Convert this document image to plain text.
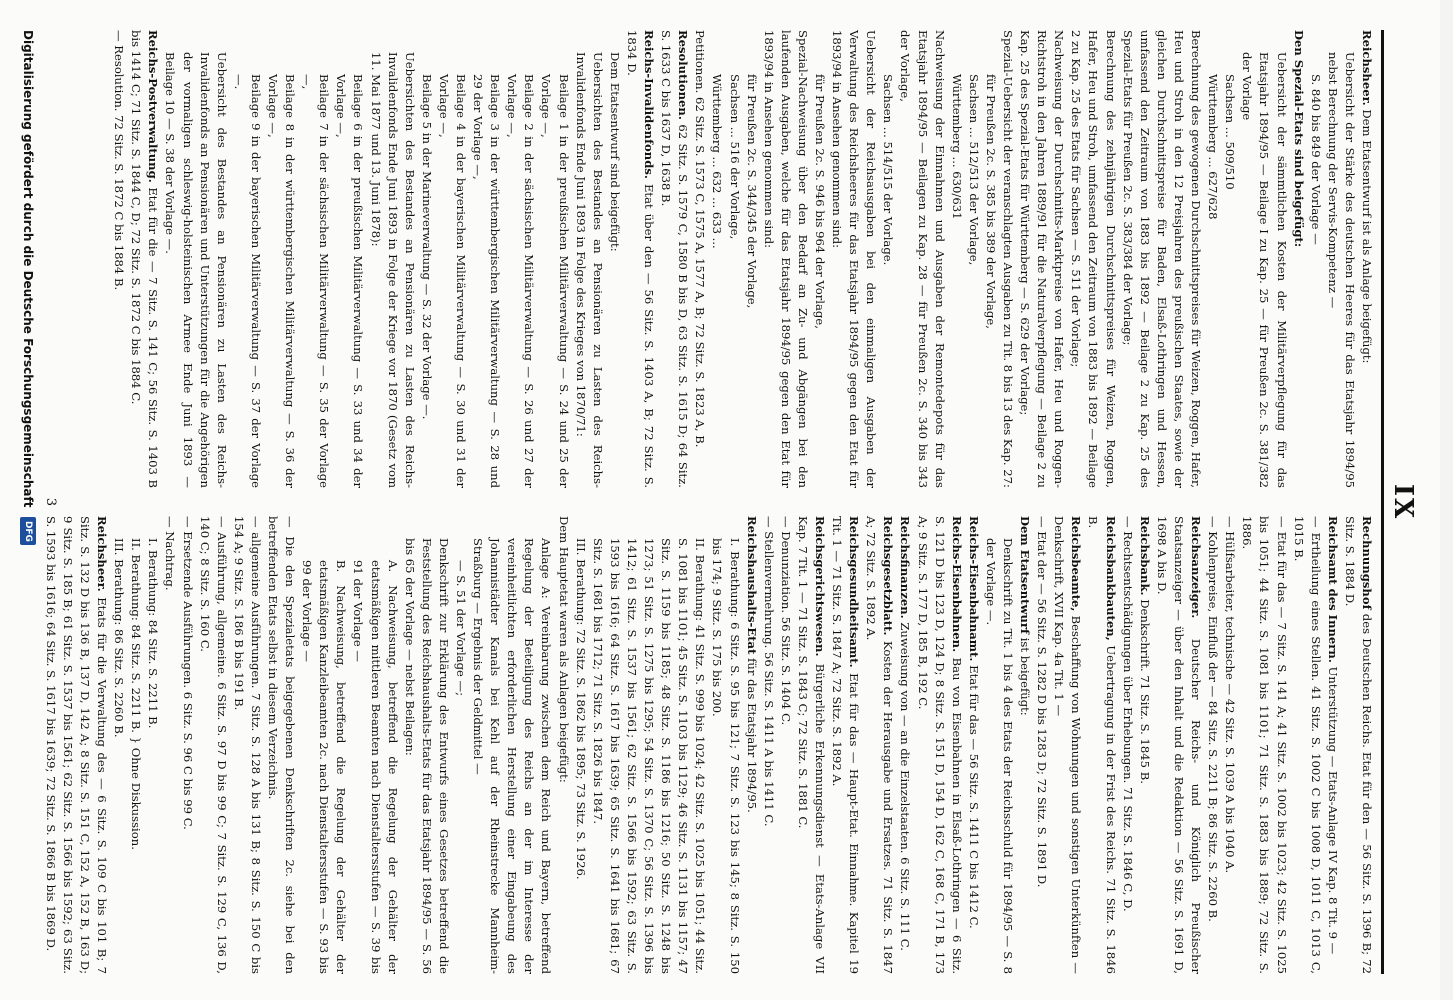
IX

Reichsheer. Dem Etatsentwurf ist als Anlage beigefügt:

Uebersicht der Stärke des deutschen Heeres für das Etatsjahr 1894/95 nebst Berechnung der Servis-Kompetenz —

S. 840 bis 849 der Vorlage —

Den Spezial-Etats sind beigefügt:

Uebersicht der sämmtlichen Kosten der Militärverpflegung für das Etatsjahr 1894/95 — Beilage I zu Kap. 25 — für Preußen 2c. S. 381/382 der Vorlage

Sachsen ... 509/510

Württemberg ... 627/628

Berechnung des gewogenen Durchschnittspreises für Weizen, Roggen, Hafer, Heu und Stroh in den 12 Preisjahren des preußischen Staates, sowie der gleichen Durchschnittspreise für Baden, Elsaß-Lothringen und Hessen, umfassend den Zeitraum von 1883 bis 1892 — Beilage 2 zu Kap. 25 des Spezial-Etats für Preußen 2c. S. 383/384 der Vorlage;

Berechnung des zehnjährigen Durchschnittspreises für Weizen, Roggen, Hafer, Heu und Stroh, umfassend den Zeitraum von 1883 bis 1892 — Beilage 2 zu Kap. 25 des Etats für Sachsen — S. 511 der Vorlage;

Nachweisung der Durchschnitts-Marktpreise von Hafer, Heu und Roggen-Richtstroh in den Jahren 1889/91 für die Naturalverpflegung — Beilage 2 zu Kap. 25 des Spezial-Etats für Württemberg — S. 629 der Vorlage;

Spezial-Uebersicht der veranschlagten Ausgaben zu Tit. 8 bis 13 des Kap. 27:

für Preußen 2c. S. 385 bis 389 der Vorlage,

Sachsen ... 512/513 der Vorlage,

Württemberg ... 630/631

Nachweisung der Einnahmen und Ausgaben der Remontedepots für das Etatsjahr 1894/95 — Beilagen zu Kap. 28 — für Preußen 2c. S. 340 bis 343 der Vorlage,

Sachsen ... 514/515 der Vorlage.

Uebersicht der Reichsausgaben bei den einmaligen Ausgaben der Verwaltung des Reichsheeres für das Etatsjahr 1894/95 gegen den Etat für 1893/94 in Ansehen genommen sind:

für Preußen 2c. S. 946 bis 964 der Vorlage,

Spezial-Nachweisung über den Bedarf an Zu- und Abgängen bei den laufenden Ausgaben, welche für das Etatsjahr 1894/95 gegen den Etat für 1893/94 in Ansehen genommen sind:

für Preußen 2c. S. 344/345 der Vorlage,

Sachsen ... 516 der Vorlage,

Württemberg ... 632 ... 633 ...

Petitionen. 62 Sitz. S. 1573 C, 1575 A, 1577 A, B; 72 Sitz. S. 1823 A, B.

Resolutionen. 62 Sitz. S. 1579 C, 1580 B bis D, 63 Sitz. S. 1615 D; 64 Sitz. S. 1633 C bis 1637 D, 1638 B.

Reichs-Invalidenfonds. Etat über den — 56 Sitz. S. 1403 A, B; 72 Sitz. S. 1834 D.

Dem Etatsentwurf sind beigefügt:

Uebersichten des Bestandes an Pensionären zu Lasten des Reichs-Invalidenfonds Ende Juni 1893 in Folge des Krieges von 1870/71:

Beilage 1 in der preußischen Militärverwaltung — S. 24 und 25 der Vorlage —,

Beilage 2 in der sächsischen Militärverwaltung — S. 26 und 27 der Vorlage —,

Beilage 3 in der württembergischen Militärverwaltung — S. 28 und 29 der Vorlage —,

Beilage 4 in der bayerischen Militärverwaltung — S. 30 und 31 der Vorlage —,

Beilage 5 in der Marineverwaltung — S. 32 der Vorlage —.

Uebersichten des Bestandes an Pensionären zu Lasten des Reichs-Invalidenfonds Ende Juni 1893 in Folge der Kriege vor 1870 (Gesetz vom 11. Mai 1877 und 13. Juni 1878):

Beilage 6 in der preußischen Militärverwaltung — S. 33 und 34 der Vorlage —,

Beilage 7 in der sächsischen Militärverwaltung — S. 35 der Vorlage —,

Beilage 8 in der württembergischen Militärverwaltung — S. 36 der Vorlage —,

Beilage 9 in der bayerischen Militärverwaltung — S. 37 der Vorlage —.

Uebersicht des Bestandes an Pensionären zu Lasten des Reichs-Invalidenfonds an Pensionären und Unterstützungen für die Angehörigen der vormaligen schleswig-holsteinischen Armee Ende Juni 1893 — Beilage 10 — S. 38 der Vorlage —.

Reichs-Postverwaltung. Etat für die — 7 Sitz. S. 141 C; 56 Sitz. S. 1403 B bis 1414 C; 71 Sitz. S. 1844 C, D; 72 Sitz. S. 1872 C bis 1884 C.

— Resolution. 72 Sitz. S. 1872 C bis 1884 B.

Rechnungshof des Deutschen Reichs. Etat für den — 56 Sitz. S. 1396 B; 72 Sitz. S. 1884 D.

Reichsamt des Innern. Unterstützung — Etats-Anlage IV Kap. 8 Tit. 9 —

— Ertheilung eines Stellen. 41 Sitz. S. 1002 C bis 1008 D, 1011 C, 1013 C, 1015 B.

— Etat für das — 7 Sitz. S. 141 A; 41 Sitz. S. 1002 bis 1023; 42 Sitz. S. 1025 bis 1051; 44 Sitz. S. 1081 bis 1101; 71 Sitz. S. 1883 bis 1889; 72 Sitz. S. 1886.

— Hülfsarbeiter, technische — 42 Sitz. S. 1039 A bis 1040 A.

— Kohlenpreise, Einfluß der — 84 Sitz. S. 2211 B; 86 Sitz. S. 2260 B.

Reichsanzeiger. Deutscher Reichs- und Königlich Preußischer Staatsanzeiger — über den Inhalt und die Redaktion — 56 Sitz. S. 1691 D, 1698 A bis D.

Reichsbank. Denkschrift. 71 Sitz. S. 1845 B.

— Rechtsentschädigungen über Erhebungen. 71 Sitz. S. 1846 C, D.

Reichsbankbauten, Uebertragung in der Frist des Reichs. 71 Sitz. S. 1846 B.

Reichsbeamte, Beschaffung von Wohnungen und sonstigen Unterkünften — Denkschrift, XVII Kap. 4a Tit. 1 —

— Etat der — 56 Sitz. S. 1282 D bis 1283 D; 72 Sitz. S. 1891 D.

Dem Etatsentwurf ist beigefügt:

Denkschrift zu Tit. 1 bis 4 des Etats der Reichsschuld für 1894/95 — S. 8 der Vorlage —.

Reichs-Eisenbahnamt. Etat für das — 56 Sitz. S. 1411 C bis 1412 C.

Reichs-Eisenbahnen. Bau von Eisenbahnen in Elsaß-Lothringen — 6 Sitz. S. 121 D bis 123 D, 124 D; 8 Sitz. S. 151 D, 154 D, 162 C, 168 C, 171 B, 173 A; 9 Sitz. S. 177 D, 185 B, 192 C.

Reichsfinanzen. Zuweisung von — an die Einzelstaaten. 6 Sitz. S. 111 C.

Reichsgesetzblatt. Kosten der Herausgabe und Ersatzes. 71 Sitz. S. 1847 A; 72 Sitz. S. 1892 A.

Reichsgesundheitsamt. Etat für das — Haupt-Etat. Einnahme. Kapitel 19 Tit. 1 — 71 Sitz. S. 1847 A; 72 Sitz. S. 1892 A.

Reichsgerichtswesen. Bürgerliche Erkennungsdienst — Etats-Anlage VII Kap. 7 Tit. 1 — 71 Sitz. S. 1843 C; 72 Sitz. S. 1881 C.

— Denunziation. 56 Sitz. S. 1404 C.

— Stellenvermehrung. 56 Sitz. S. 1411 A bis 1411 C.

Reichshaushalts-Etat für das Etatsjahr 1894/95.

I. Berathung: 6 Sitz. S. 95 bis 121; 7 Sitz. S. 123 bis 145; 8 Sitz. S. 150 bis 174; 9 Sitz. S. 175 bis 200.

II. Berathung: 41 Sitz. S. 999 bis 1024; 42 Sitz. S. 1025 bis 1051; 44 Sitz. S. 1081 bis 1101; 45 Sitz. S. 1103 bis 1129; 46 Sitz. S. 1131 bis 1157; 47 Sitz. S. 1159 bis 1185; 48 Sitz. S. 1186 bis 1216; 50 Sitz. S. 1248 bis 1273; 51 Sitz. S. 1275 bis 1295; 54 Sitz. S. 1370 C; 56 Sitz. S. 1396 bis 1412; 61 Sitz. S. 1537 bis 1561; 62 Sitz. S. 1566 bis 1592; 63 Sitz. S. 1593 bis 1616; 64 Sitz. S. 1617 bis 1639; 65 Sitz. S. 1641 bis 1681; 67 Sitz. S. 1681 bis 1712; 71 Sitz. S. 1826 bis 1847.

III. Berathung: 72 Sitz. S. 1862 bis 1895; 73 Sitz. S. 1926.

Dem Hauptetat waren als Anlagen beigefügt:

Anlage A: Vereinbarung zwischen dem Reich und Bayern, betreffend Regelung der Beteiligung des Reichs an der im Interesse der vereinheitlichten erforderlichen Herstellung einer Eingabeung des Johannistädter Kanals bei Kehl auf der Rheinstrecke Mannheim-Straßburg — Ergebnis der Geldmittel —

— S. 51 der Vorlage —;

Denkschrift zur Erklärung des Entwurfs eines Gesetzes betreffend die Feststellung des Reichshaushalts-Etats für das Etatsjahr 1894/95 — S. 56 bis 65 der Vorlage — nebst Beilagen:

A. Nachweisung, betreffend die Regelung der Gehälter der etatsmäßigen mittleren Beamten nach Dienstaltersstufen — S. 39 bis 91 der Vorlage —

B. Nachweisung, betreffend die Regelung der Gehälter der etatsmäßigen Kanzleibeamten 2c. nach Dienstaltersstufen — S. 93 bis 99 der Vorlage —

— Die den Spezialetats beigegebenen Denkschriften 2c. siehe bei den betreffenden Etats selbst in diesem Verzeichnis.

— allgemeine Ausführungen. 7 Sitz. S. 128 A bis 131 B; 8 Sitz. S. 150 C bis 154 A; 9 Sitz. S. 186 B bis 191 B.

— Ausführung, allgemeine. 6 Sitz. S. 97 D bis 99 C; 7 Sitz. S. 129 C, 136 D, 140 C; 8 Sitz. S. 160 C.

— Ersetzende Ausführungen. 6 Sitz. S. 96 C bis 99 C.

— Nachtrag.

I. Berathung: 84 Sitz. S. 2211 B.

II. Berathung: 84 Sitz. S. 2211 B. } Ohne Diskussion.

III. Berathung: 86 Sitz. S. 2260 B.

Reichsheer. Etats für die Verwaltung des — 6 Sitz. S. 109 C bis 101 B; 7 Sitz. S. 132 D bis 136 B, 137 D, 142 A; 8 Sitz. S. 151 C, 152 A, 152 B, 163 D; 9 Sitz. S. 185 B; 61 Sitz. S. 1537 bis 1561; 62 Sitz. S. 1566 bis 1592; 63 Sitz. S. 1593 bis 1616; 64 Sitz. S. 1617 bis 1639; 72 Sitz. S. 1866 B bis 1869 D.

3
Digitalisierung gefördert durch die Deutsche Forschungsgemeinschaft
DFG
